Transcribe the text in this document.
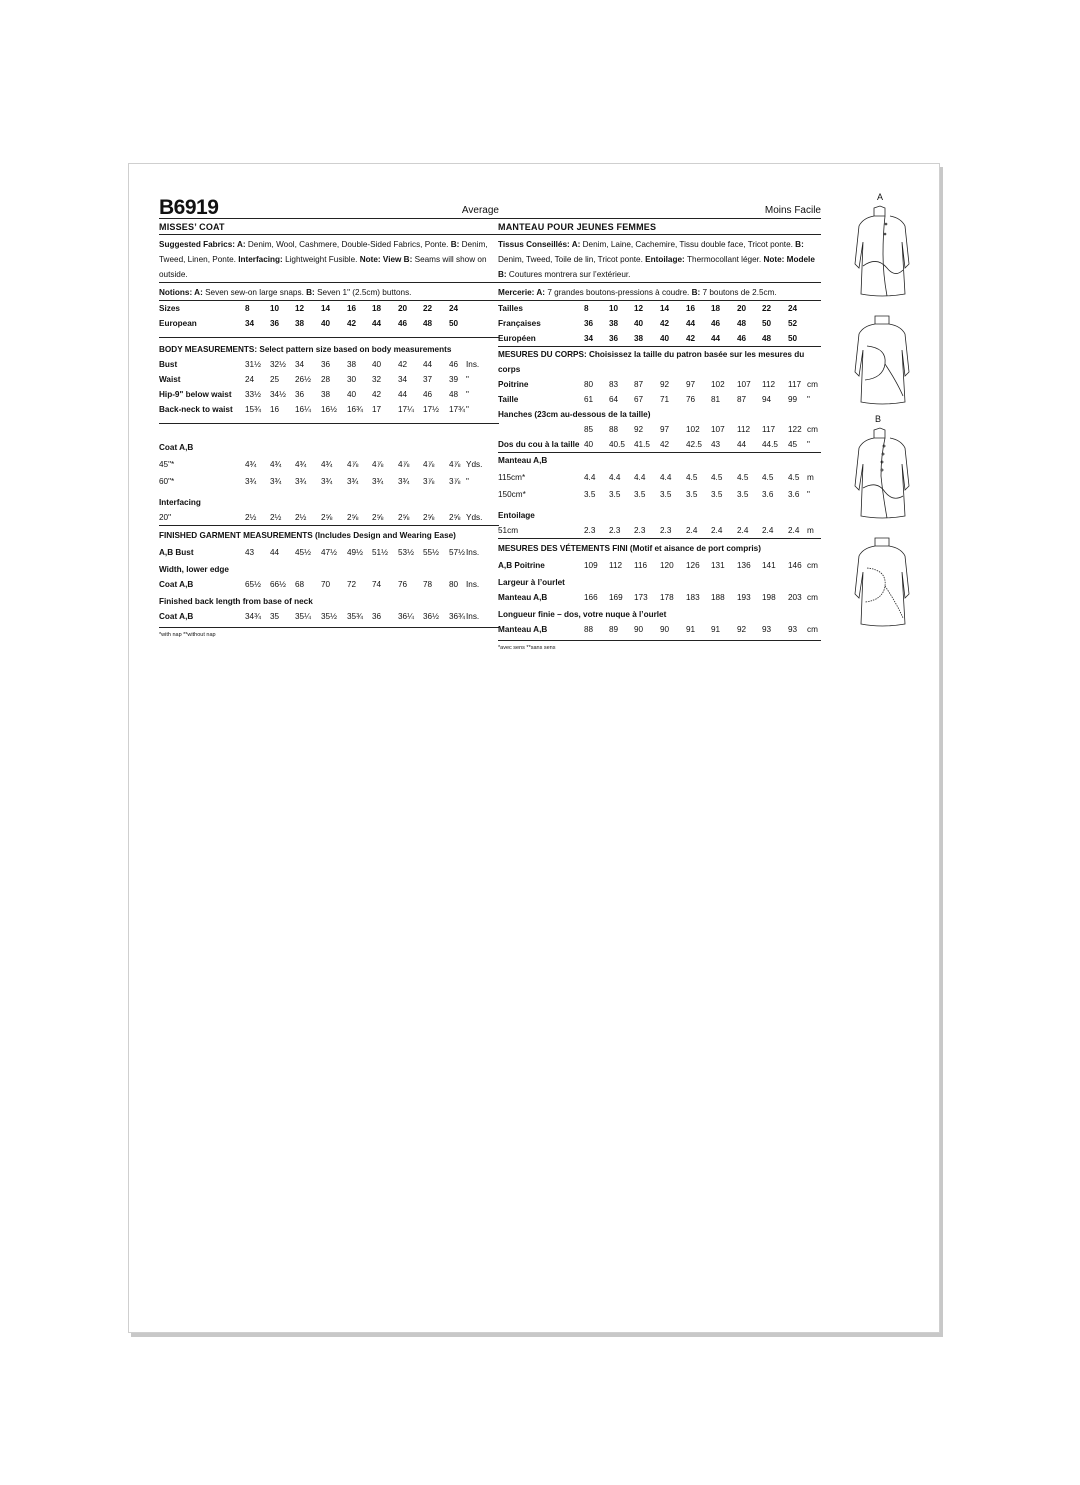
B6919	Average
MISSES’ COAT
Suggested Fabrics: A: Denim, Wool, Cashmere, Double-Sided Fabrics, Ponte. B: Denim, Tweed, Linen, Ponte. Interfacing: Lightweight Fusible. Note: View B: Seams will show on outside.
Notions: A: Seven sew-on large snaps. B: Seven 1" (2.5cm) buttons.
Sizes	8 10 12 14 16 18 20 22 24
European	34 36 38 40 42 44 46 48 50
BODY MEASUREMENTS: Select pattern size based on body measurements
Bust	31½ 32½ 34 36 38 40 42 44 46 Ins.
Waist	24 25 26½ 28 30 32 34 37 39 "
Hip-9" below waist 33½ 34½ 36 38 40 42 44 46 48 "
Back-neck to waist 15¾ 16 16¼ 16½ 16¾ 17 17¼ 17½ 17¾ "
Coat A,B
45"*	4¾ 4¾ 4¾ 4¾ 4⅞ 4⅞ 4⅞ 4⅞ 4⅞ Yds.
60"*	3¾ 3¾ 3¾ 3¾ 3¾ 3¾ 3¾ 3⅞ 3⅞ "
Interfacing
20"	2½ 2½ 2½ 2⅝ 2⅝ 2⅝ 2⅝ 2⅝ 2⅝ Yds.
FINISHED GARMENT MEASUREMENTS (Includes Design and Wearing Ease)
A,B Bust	43 44 45½ 47½ 49½ 51½ 53½ 55½ 57½ Ins.
Width, lower edge
Coat A,B	65½ 66½ 68 70 72 74 76 78 80 Ins.
Finished back length from base of neck
Coat A,B	34¾ 35 35¼ 35½ 35¾ 36 36¼ 36½ 36¾ Ins.
*with nap **without nap
Moins Facile
MANTEAU POUR JEUNES FEMMES
Tissus Conseillés: A: Denim, Laine, Cachemire, Tissu double face, Tricot ponte. B: Denim, Tweed, Toile de lin, Tricot ponte. Entoilage: Thermocollant léger. Note: Modele B: Coutures montrera sur l’extérieur.
Mercerie: A: 7 grandes boutons-pressions à coudre. B: 7 boutons de 2.5cm.
Tailles	8 10 12 14 16 18 20 22 24
Françaises	36 38 40 42 44 46 48 50 52
Européen	34 36 38 40 42 44 46 48 50
MESURES DU CORPS: Choisissez la taille du patron basée sur les mesures du corps
Poitrine	80 83 87 92 97 102 107 112 117 cm
Taille	61 64 67 71 76 81 87 94 99 "
Hanches (23cm au-dessous de la taille)
85 88 92 97 102 107 112 117 122 cm
Dos du cou à la taille 40 40.5 41.5 42 42.5 43 44 44.5 45 "
Manteau A,B
115cm*	4.4 4.4 4.4 4.4 4.5 4.5 4.5 4.5 4.5 m
150cm*	3.5 3.5 3.5 3.5 3.5 3.5 3.5 3.6 3.6 "
Entoilage
51cm	2.3 2.3 2.3 2.3 2.4 2.4 2.4 2.4 2.4 m
MESURES DES VÉTEMENTS FINI (Motif et aisance de port compris)
A,B Poitrine	109 112 116 120 126 131 136 141 146 cm
Largeur à l’ourlet
Manteau A,B	166 169 173 178 183 188 193 198 203 cm
Longueur finie – dos, votre nuque à l’ourlet
Manteau A,B	88 89 90 90 91 91 92 93 93 cm
*avec sens **sans sens
A
B
